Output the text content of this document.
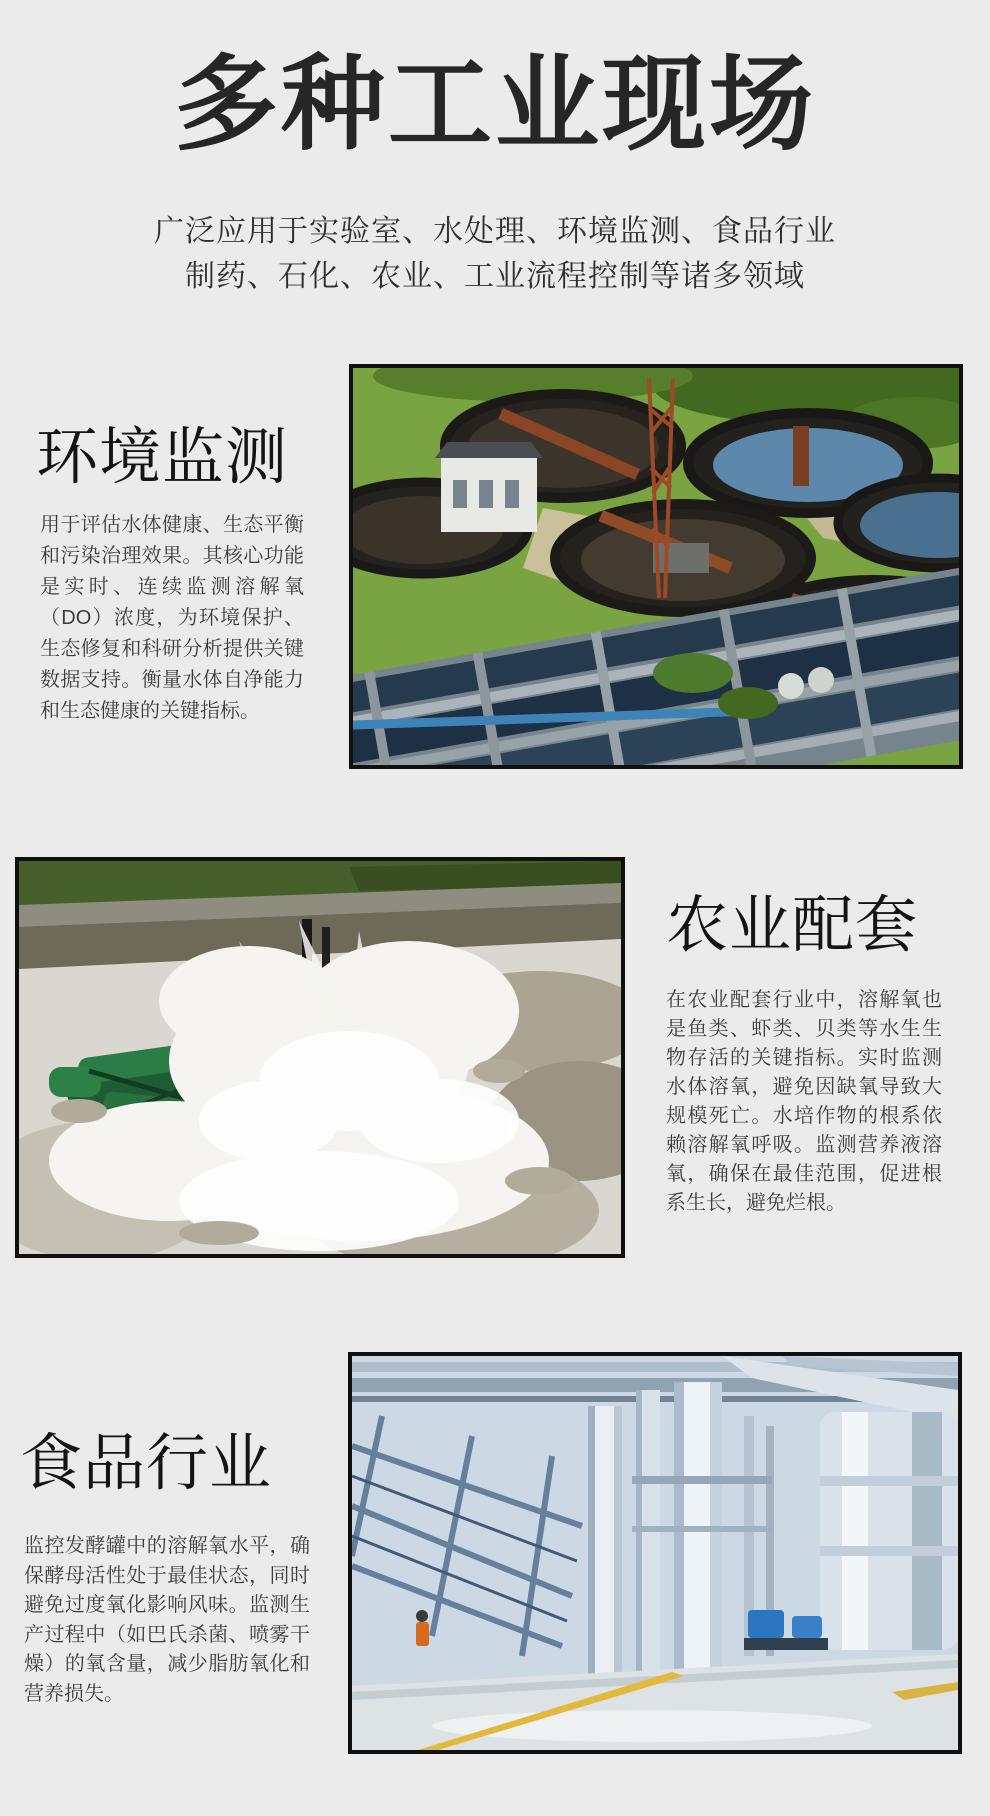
多种工业现场
广泛应用于实验室、水处理、环境监测、食品行业
制药、石化、农业、工业流程控制等诸多领域
环境监测
用于评估水体健康、生态平衡和污染治理效果。其核心功能是实时、连续监测溶解氧（DO）浓度，为环境保护、生态修复和科研分析提供关键数据支持。衡量水体自净能力和生态健康的关键指标。
农业配套
在农业配套行业中，溶解氧也是鱼类、虾类、贝类等水生生物存活的关键指标。实时监测水体溶氧，避免因缺氧导致大规模死亡。水培作物的根系依赖溶解氧呼吸。监测营养液溶氧，确保在最佳范围，促进根系生长，避免烂根。
食品行业
监控发酵罐中的溶解氧水平，确保酵母活性处于最佳状态，同时避免过度氧化影响风味。监测生产过程中（如巴氏杀菌、喷雾干燥）的氧含量，减少脂肪氧化和营养损失。
